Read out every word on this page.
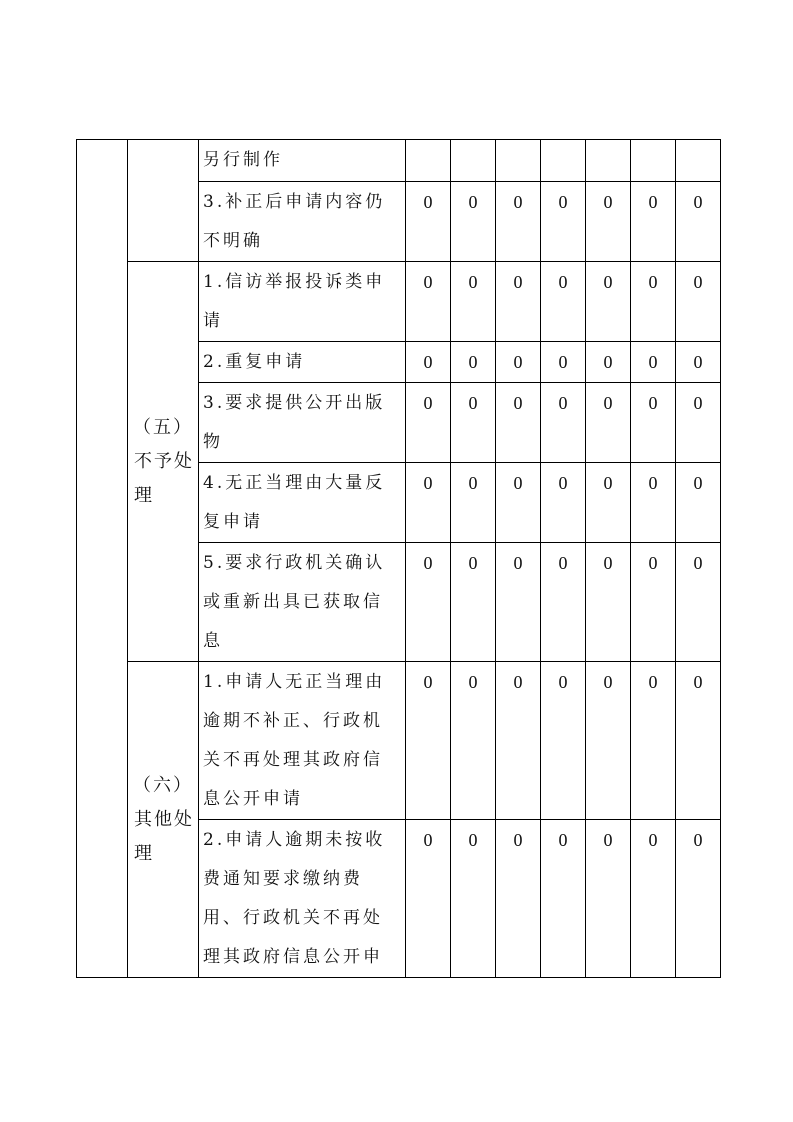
		另行制作							
		3.补正后申请内容仍不明确	0	0	0	0	0	0	0

	（五）
不予处理	1.信访举报投诉类申请	0	0	0	0	0	0	0
		2.重复申请	0	0	0	0	0	0	0
		3.要求提供公开出版物	0	0	0	0	0	0	0
		4.无正当理由大量反复申请	0	0	0	0	0	0	0
		5.要求行政机关确认或重新出具已获取信息	0	0	0	0	0	0	0

	（六）
其他处理	1.申请人无正当理由逾期不补正、行政机关不再处理其政府信息公开申请	0	0	0	0	0	0	0
		2.申请人逾期未按收费通知要求缴纳费用、行政机关不再处理其政府信息公开申	0	0	0	0	0	0	0
